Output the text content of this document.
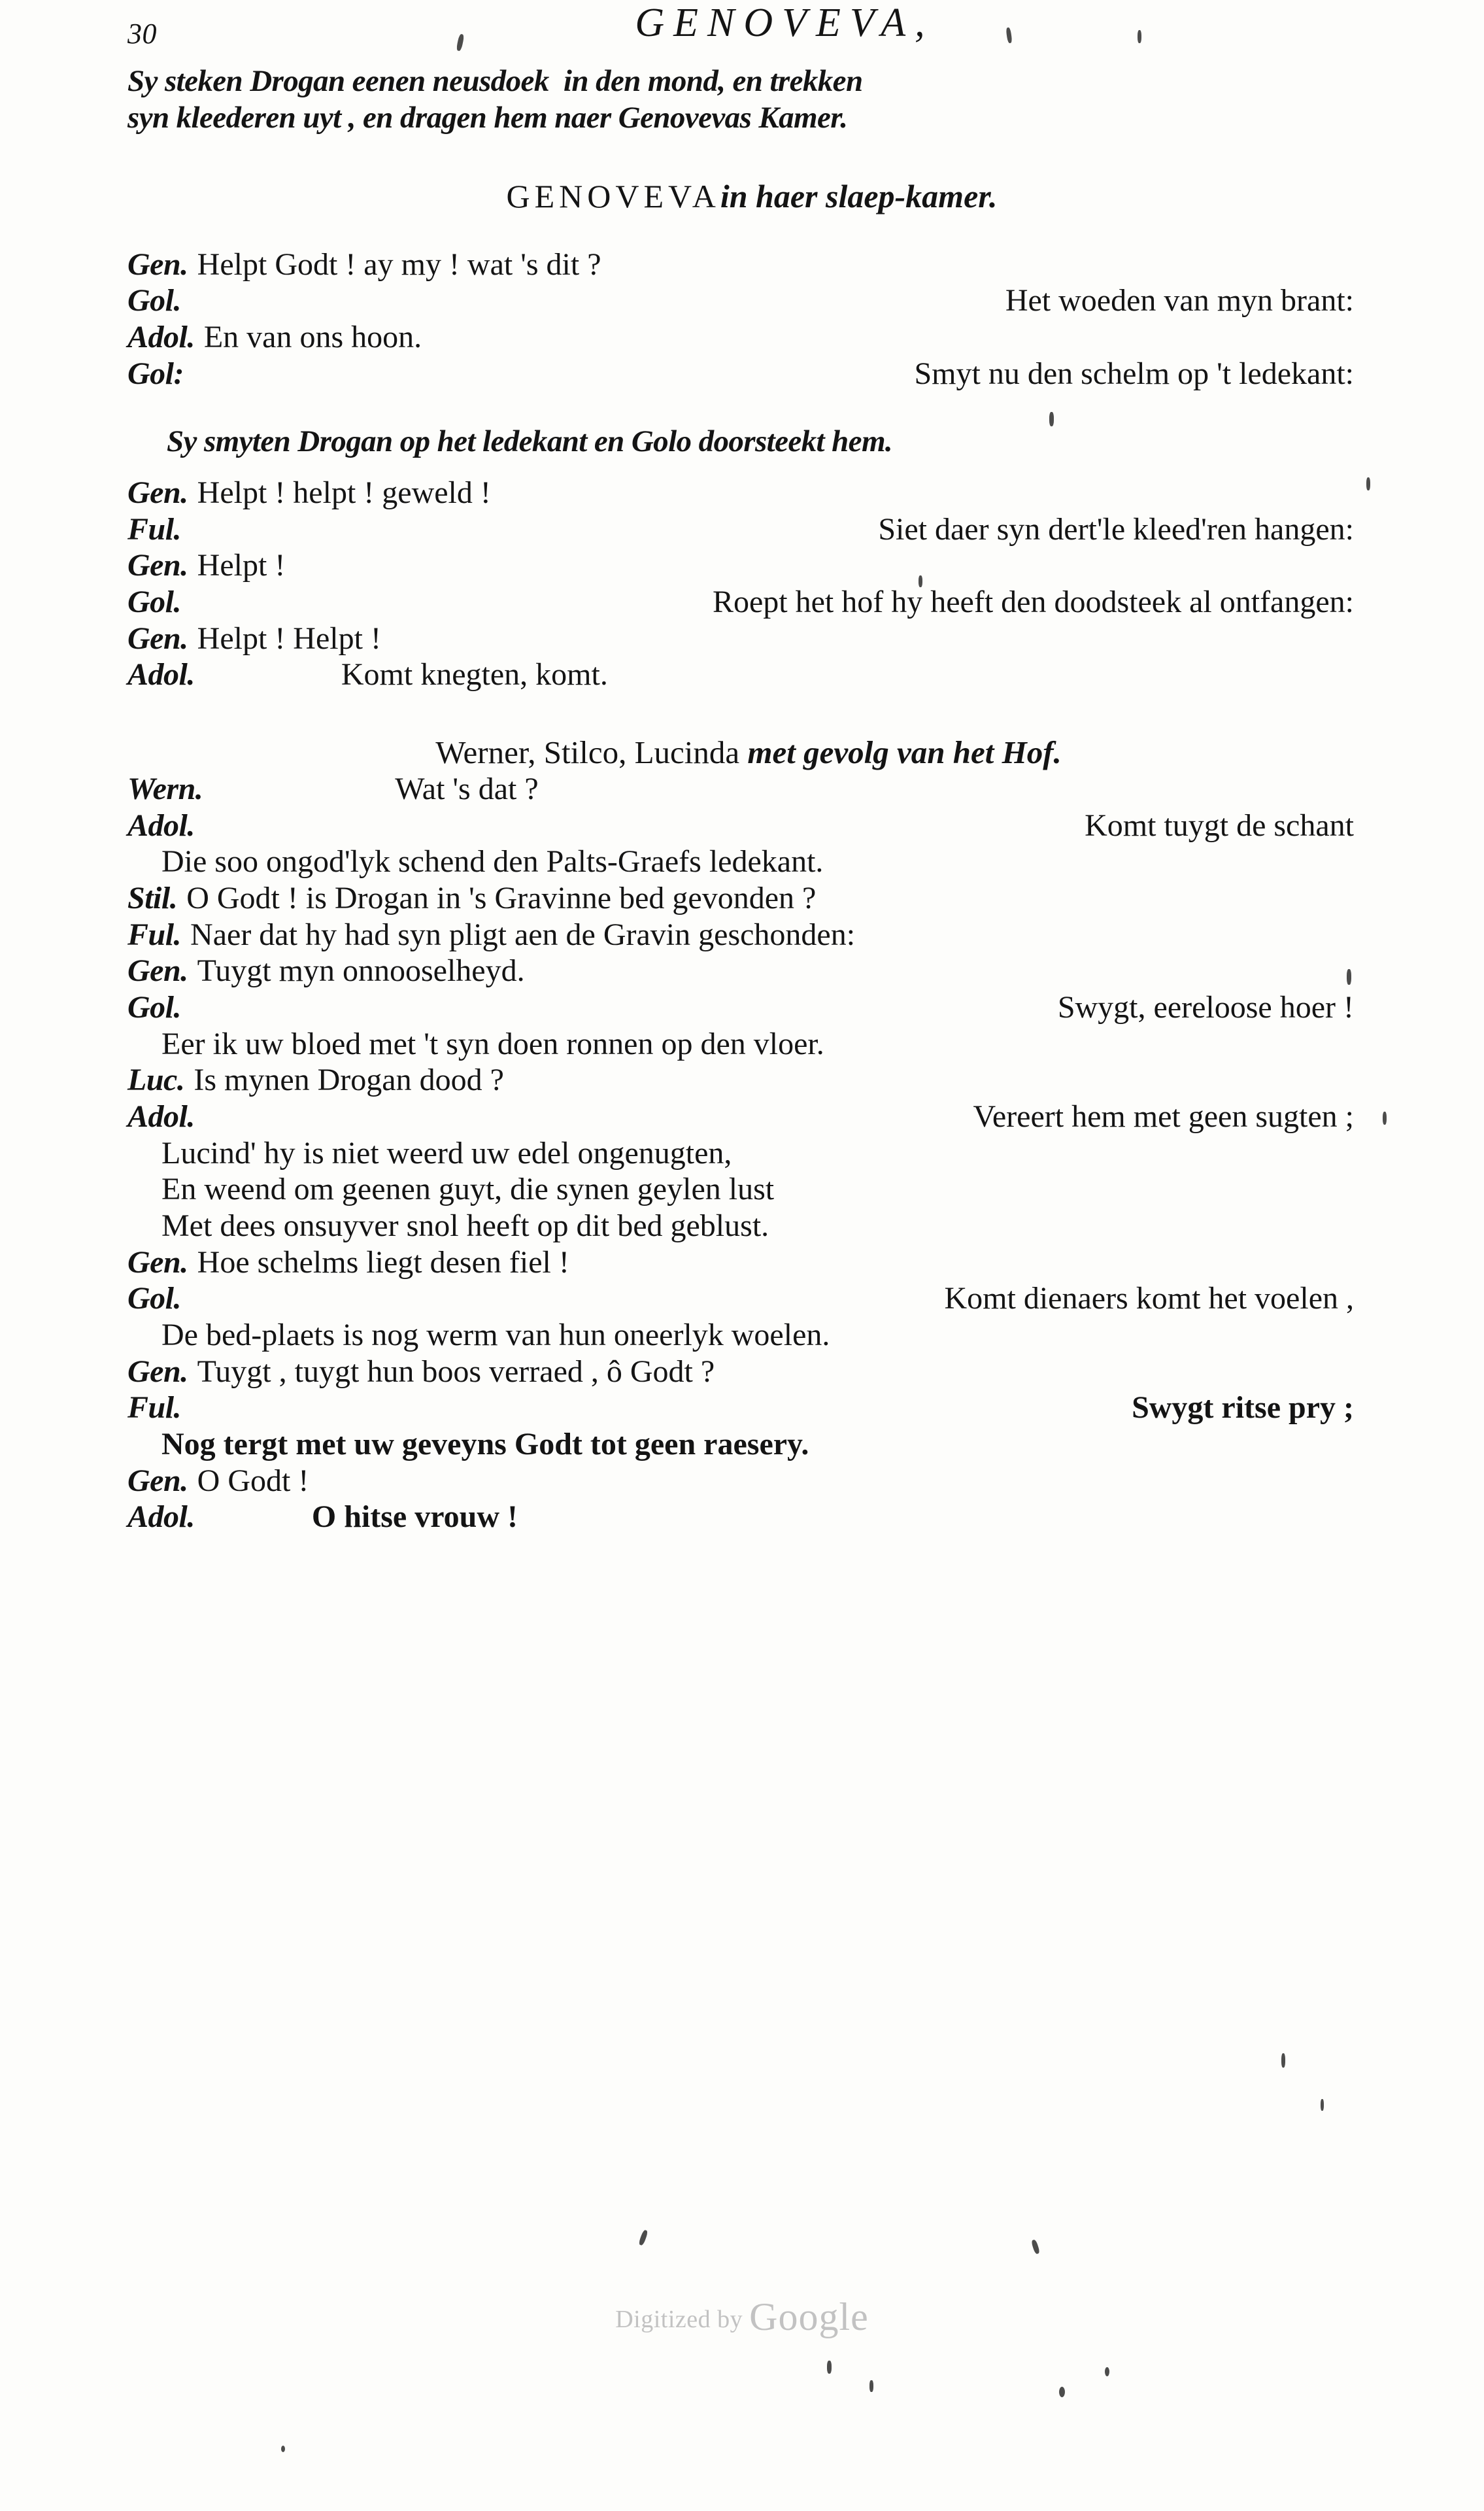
30	GENOVEVA,
Sy steken Drogan eenen neusdoek  in den mond, en trekken
syn kleederen uyt , en dragen hem naer Genovevas Kamer.
GENOVEVAin haer slaep-kamer.
Gen. Helpt Godt ! ay my ! wat 's dit ?
Gol.	Het woeden van myn brant:
Adol. En van ons hoon.
Gol:	Smyt nu den schelm op 't ledekant:
Sy smyten Drogan op het ledekant en Golo doorsteekt hem.
Gen. Helpt ! helpt ! geweld !
Ful.	Siet daer syn dert'le kleed'ren hangen:
Gen. Helpt !
Gol.	Roept het hof hy heeft den doodsteek al ontfangen:
Gen. Helpt ! Helpt !
Adol.	Komt knegten, komt.
Werner, Stilco, Lucinda met gevolg van het Hof.
Wern.	Wat 's dat ?
Adol.	Komt tuygt de schant
Die soo ongod'lyk schend den Palts-Graefs ledekant.
Stil. O Godt ! is Drogan in 's Gravinne bed gevonden ?
Ful. Naer dat hy had syn pligt aen de Gravin geschonden:
Gen. Tuygt myn onnooselheyd.
Gol.	Swygt, eereloose hoer !
Eer ik uw bloed met 't syn doen ronnen op den vloer.
Luc. Is mynen Drogan dood ?
Adol.	Vereert hem met geen sugten ;
Lucind' hy is niet weerd uw edel ongenugten,
En weend om geenen guyt, die synen geylen lust
Met dees onsuyver snol heeft op dit bed geblust.
Gen. Hoe schelms liegt desen fiel !
Gol.	Komt dienaers komt het voelen ,
De bed-plaets is nog werm van hun oneerlyk woelen.
Gen. Tuygt , tuygt hun boos verraed , ô Godt ?
Ful.	Swygt ritse pry ;
Nog tergt met uw geveyns Godt tot geen raesery.
Gen. O Godt !
Adol.	O hitse vrouw !
Digitized by Google
